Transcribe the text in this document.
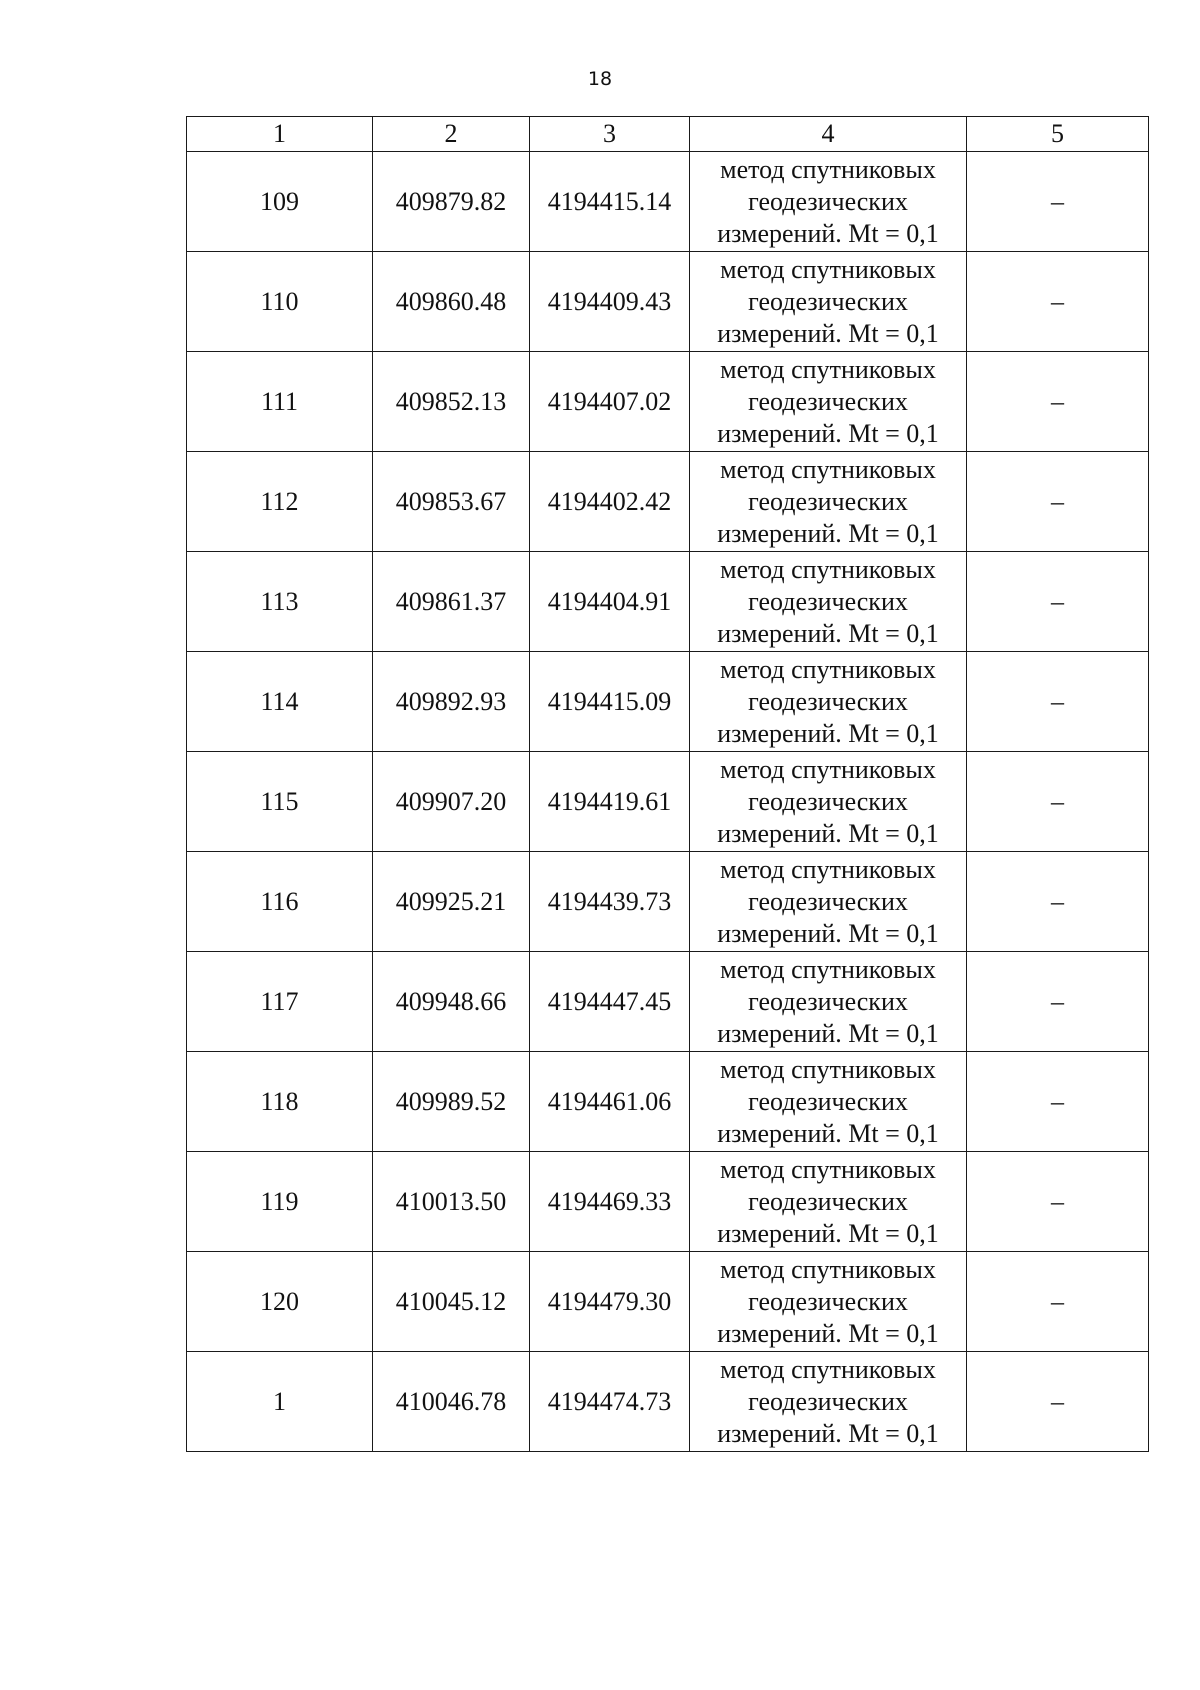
18
1	2	3	4	5
109	409879.82	4194415.14	метод спутниковых
геодезических
измерений. Mt = 0,1	–
110	409860.48	4194409.43	метод спутниковых
геодезических
измерений. Mt = 0,1	–
111	409852.13	4194407.02	метод спутниковых
геодезических
измерений. Mt = 0,1	–
112	409853.67	4194402.42	метод спутниковых
геодезических
измерений. Mt = 0,1	–
113	409861.37	4194404.91	метод спутниковых
геодезических
измерений. Mt = 0,1	–
114	409892.93	4194415.09	метод спутниковых
геодезических
измерений. Mt = 0,1	–
115	409907.20	4194419.61	метод спутниковых
геодезических
измерений. Mt = 0,1	–
116	409925.21	4194439.73	метод спутниковых
геодезических
измерений. Mt = 0,1	–
117	409948.66	4194447.45	метод спутниковых
геодезических
измерений. Mt = 0,1	–
118	409989.52	4194461.06	метод спутниковых
геодезических
измерений. Mt = 0,1	–
119	410013.50	4194469.33	метод спутниковых
геодезических
измерений. Mt = 0,1	–
120	410045.12	4194479.30	метод спутниковых
геодезических
измерений. Mt = 0,1	–
1	410046.78	4194474.73	метод спутниковых
геодезических
измерений. Mt = 0,1	–
